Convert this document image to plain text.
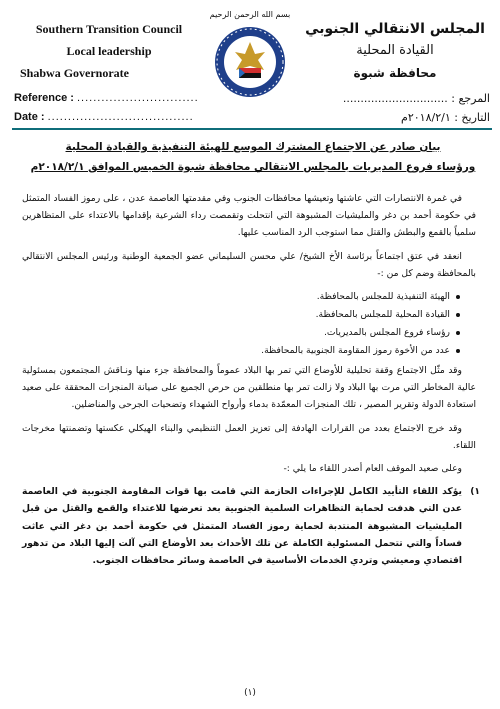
Southern Transition Council
Local leadership
Shabwa Governorate
بسم الله الرحمن الرحيم
المجلس الانتقالي الجنوبي
القيادة المحلية
محافظة شبوة
Reference : ..............................	المرجع : ..............................
Date : ....................................	التاريخ : ٢٠١٨/٢/١م
بيان صادر عن الاجتماع المشترك الموسع للهيئة التنفيذية والقيادة المحلية
ورؤساء فروع المديريات بالمجلس الانتقالي محافظة شبوة الخميس الموافق ٢٠١٨/٢/١م

في غمرة الانتصارات التي عاشتها وتعيشها محافظات الجنوب وفي مقدمتها العاصمة عدن ، على رموز الفساد المتمثل في حكومة أحمد بن دغر والمليشيات المشبوهة التي انتحلت وتقمصت رداء الشرعية بإقدامها بالاعتداء على المتظاهرين سلمياً بالقمع والبطش والقتل مما استوجب الرد المناسب عليها.

انعقد في عتق اجتماعاً برئاسة الأخ الشيخ/ علي محسن السليماني عضو الجمعية الوطنية ورئيس المجلس الانتقالي بالمحافظة وضم كل من :-

الهيئة التنفيذية للمجلس بالمحافظة.
القيادة المحلية للمجلس بالمحافظة.
رؤساء فروع المجلس بالمديريات.
عدد من الأخوة رموز المقاومة الجنوبية بالمحافظة.

وقد مثّل الاجتماع وقفة تحليلية للأوضاع التي تمر بها البلاد عموماً والمحافظة جزء منها ونـاقش المجتمعون بمسئولية عالية المخاطر التي مرت بها البلاد ولا زالت تمر بها منطلقين من حرص الجميع على صيانة المنجزات المحققة على صعيد استعادة الدولة وتقرير المصير ، تلك المنجزات المعمّدة بدماء وأرواح الشهداء وتضحيات الجرحى والمناضلين.

وقد خرج الاجتماع بعدد من القرارات الهادفة إلى تعزيز العمل التنظيمي والبناء الهيكلي عكستها وتضمنتها مخرجات اللقاء.

وعلى صعيد الموقف العام أصدر اللقاء ما يلي :-

١)
يؤكد اللقاء التأييد الكامل للإجراءات الحازمة التي قامت بها قوات المقاومة الجنوبية في العاصمة عدن التي هدفت لحماية التظاهرات السلمية الجنوبية بعد تعرضها للاعتداء والقمع والقتل من قبل المليشيات المشبوهة المنتدبة لحماية رموز الفساد المتمثل في حكومة أحمد بن دغر التي عاثت فساداً والتي تتحمل المسئولية الكاملة عن تلك الأحداث بعد الأوضاع التي آلت إليها البلاد من تدهور اقتصادي ومعيشي وتردي الخدمات الأساسية في العاصمة وسائر محافظات الجنوب.

(١)
